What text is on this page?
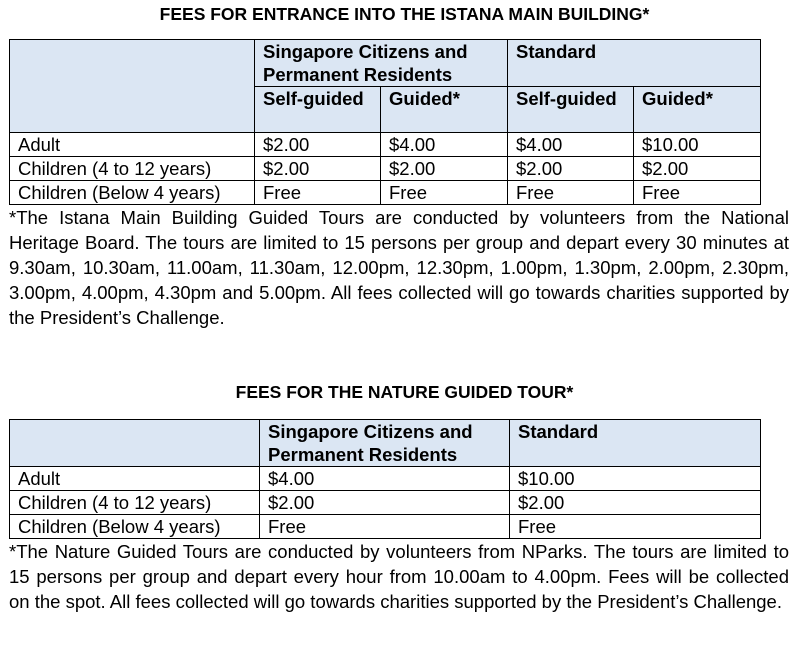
FEES FOR ENTRANCE INTO THE ISTANA MAIN BUILDING*
	Singapore Citizens and Permanent Residents		Standard	
	Self-guided	Guided*	Self-guided	Guided*
Adult	$2.00	$4.00	$4.00	$10.00
Children (4 to 12 years)	$2.00	$2.00	$2.00	$2.00
Children (Below 4 years)	Free	Free	Free	Free
*The Istana Main Building Guided Tours are conducted by volunteers from the National Heritage Board. The tours are limited to 15 persons per group and depart every 30 minutes at 9.30am, 10.30am, 11.00am, 11.30am, 12.00pm, 12.30pm, 1.00pm, 1.30pm, 2.00pm, 2.30pm, 3.00pm, 4.00pm, 4.30pm and 5.00pm. All fees collected will go towards charities supported by the President’s Challenge.
FEES FOR THE NATURE GUIDED TOUR*
	Singapore Citizens and Permanent Residents	Standard
Adult	$4.00	$10.00
Children (4 to 12 years)	$2.00	$2.00
Children (Below 4 years)	Free	Free
*The Nature Guided Tours are conducted by volunteers from NParks. The tours are limited to 15 persons per group and depart every hour from 10.00am to 4.00pm. Fees will be collected on the spot. All fees collected will go towards charities supported by the President’s Challenge.
